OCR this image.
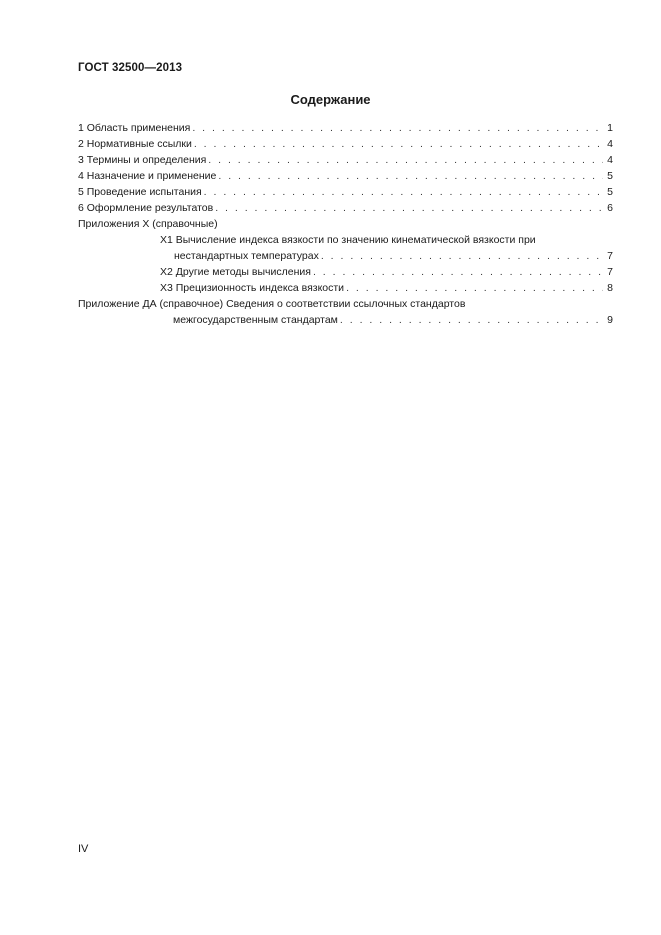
ГОСТ 32500—2013
Содержание
1 Область применения . . .	1
2 Нормативные ссылки . . .	4
3 Термины и определения . . .	4
4 Назначение и применение . . .	5
5 Проведение испытания . . .	5
6 Оформление результатов . . .	6
Приложения Х (справочные)
X1 Вычисление индекса вязкости по значению кинематической вязкости при
нестандартных температурах . . .	7
X2 Другие методы вычисления . . .	7
X3 Прецизионность индекса вязкости . . .	8
Приложение ДА (справочное) Сведения о соответствии ссылочных стандартов
межгосударственным стандартам . . .	9
IV
